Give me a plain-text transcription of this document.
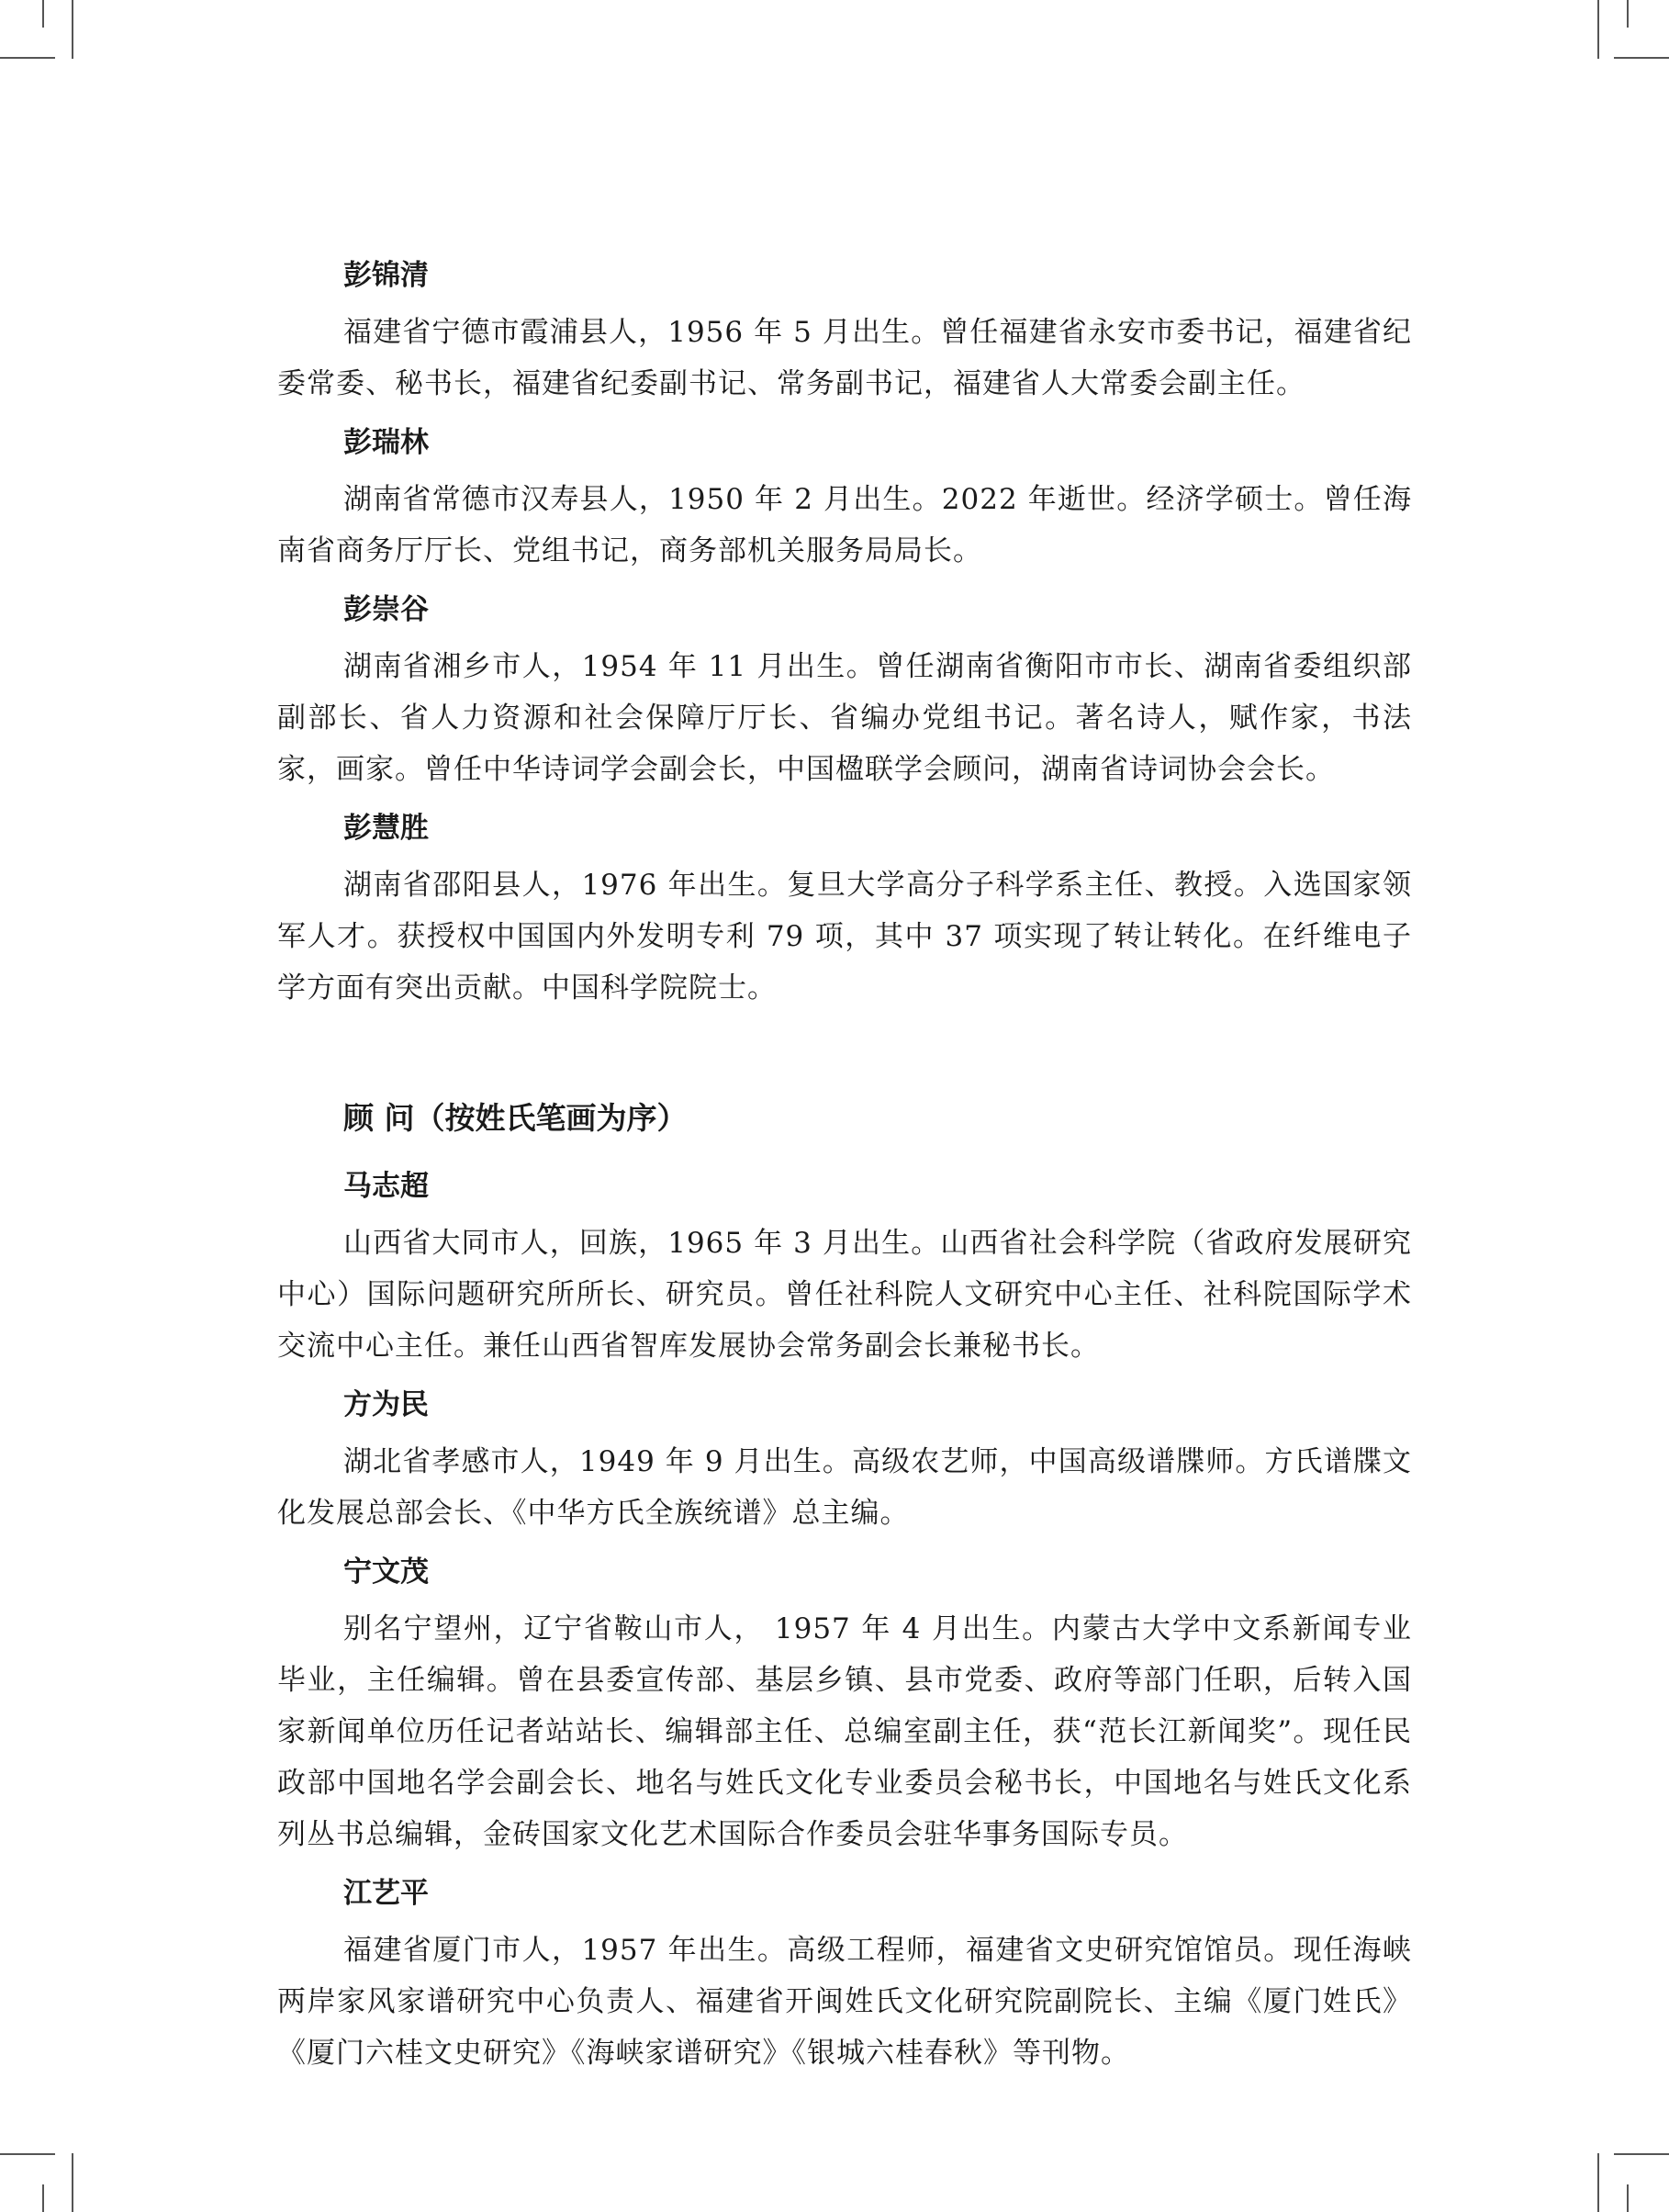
彭锦清

福建省宁德市霞浦县人，1956 年 5 月出生。曾任福建省永安市委书记，福建省纪委常委、秘书长，福建省纪委副书记、常务副书记，福建省人大常委会副主任。

彭瑞林

湖南省常德市汉寿县人，1950 年 2 月出生。2022 年逝世。经济学硕士。曾任海南省商务厅厅长、党组书记，商务部机关服务局局长。

彭崇谷

湖南省湘乡市人，1954 年 11 月出生。曾任湖南省衡阳市市长、湖南省委组织部副部长、省人力资源和社会保障厅厅长、省编办党组书记。著名诗人，赋作家，书法家，画家。曾任中华诗词学会副会长，中国楹联学会顾问，湖南省诗词协会会长。

彭慧胜

湖南省邵阳县人，1976 年出生。复旦大学高分子科学系主任、教授。入选国家领军人才。获授权中国国内外发明专利 79 项，其中 37 项实现了转让转化。在纤维电子学方面有突出贡献。中国科学院院士。

顾 问（按姓氏笔画为序）

马志超

山西省大同市人，回族，1965 年 3 月出生。山西省社会科学院（省政府发展研究中心）国际问题研究所所长、研究员。曾任社科院人文研究中心主任、社科院国际学术交流中心主任。兼任山西省智库发展协会常务副会长兼秘书长。

方为民

湖北省孝感市人，1949 年 9 月出生。高级农艺师，中国高级谱牒师。方氏谱牒文化发展总部会长、《中华方氏全族统谱》总主编。

宁文茂

别名宁望州，辽宁省鞍山市人， 1957 年 4 月出生。内蒙古大学中文系新闻专业毕业，主任编辑。曾在县委宣传部、基层乡镇、县市党委、政府等部门任职，后转入国家新闻单位历任记者站站长、编辑部主任、总编室副主任，获“范长江新闻奖”。现任民政部中国地名学会副会长、地名与姓氏文化专业委员会秘书长，中国地名与姓氏文化系列丛书总编辑，金砖国家文化艺术国际合作委员会驻华事务国际专员。

江艺平

福建省厦门市人，1957 年出生。高级工程师，福建省文史研究馆馆员。现任海峡两岸家风家谱研究中心负责人、福建省开闽姓氏文化研究院副院长、主编《厦门姓氏》《厦门六桂文史研究》《海峡家谱研究》《银城六桂春秋》等刊物。
